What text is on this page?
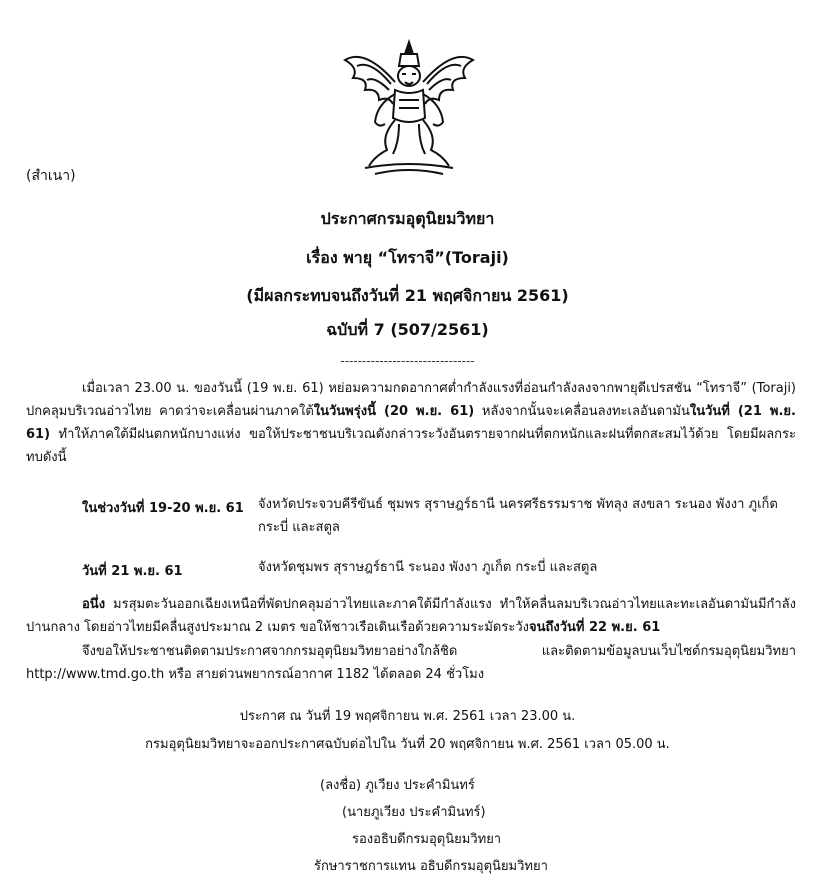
(สำเนา)
ประกาศกรมอุตุนิยมวิทยา
เรื่อง พายุ “โทราจี”(Toraji)
(มีผลกระทบจนถึงวันที่ 21 พฤศจิกายน 2561)
ฉบับที่ 7 (507/2561)
-------------------------------
เมื่อเวลา 23.00 น. ของวันนี้ (19 พ.ย. 61) หย่อมความกดอากาศต่ำกำลังแรงที่อ่อนกำลังลงจากพายุดีเปรสชัน “โทราจี” (Toraji) ปกคลุมบริเวณอ่าวไทย คาดว่าจะเคลื่อนผ่านภาคใต้ในวันพรุ่งนี้ (20 พ.ย. 61) หลังจากนั้นจะเคลื่อนลงทะเลอันดามันในวันที่ (21 พ.ย. 61) ทำให้ภาคใต้มีฝนตกหนักบางแห่ง ขอให้ประชาชนบริเวณดังกล่าวระวังอันตรายจากฝนที่ตกหนักและฝนที่ตกสะสมไว้ด้วย โดยมีผลกระทบดังนี้
ในช่วงวันที่ 19-20 พ.ย. 61 จังหวัดประจวบคีรีขันธ์ ชุมพร สุราษฎร์ธานี นครศรีธรรมราช พัทลุง สงขลา ระนอง พังงา ภูเก็ต กระบี่ และสตูล
วันที่ 21 พ.ย. 61	จังหวัดชุมพร สุราษฎร์ธานี ระนอง พังงา ภูเก็ต กระบี่ และสตูล
อนึ่ง มรสุมตะวันออกเฉียงเหนือที่พัดปกคลุมอ่าวไทยและภาคใต้มีกำลังแรง ทำให้คลื่นลมบริเวณอ่าวไทยและทะเลอันดามันมีกำลังปานกลาง โดยอ่าวไทยมีคลื่นสูงประมาณ 2 เมตร ขอให้ชาวเรือเดินเรือด้วยความระมัดระวังจนถึงวันที่ 22 พ.ย. 61
จึงขอให้ประชาชนติดตามประกาศจากกรมอุตุนิยมวิทยาอย่างใกล้ชิด และติดตามข้อมูลบนเว็บไซต์กรมอุตุนิยมวิทยา http://www.tmd.go.th หรือ สายด่วนพยากรณ์อากาศ 1182 ได้ตลอด 24 ชั่วโมง
ประกาศ ณ วันที่ 19 พฤศจิกายน พ.ศ. 2561 เวลา 23.00 น.
กรมอุตุนิยมวิทยาจะออกประกาศฉบับต่อไปใน วันที่ 20 พฤศจิกายน พ.ศ. 2561 เวลา 05.00 น.
(ลงชื่อ) ภูเวียง ประคำมินทร์
(นายภูเวียง ประคำมินทร์)
รองอธิบดีกรมอุตุนิยมวิทยา
รักษาราชการแทน อธิบดีกรมอุตุนิยมวิทยา
